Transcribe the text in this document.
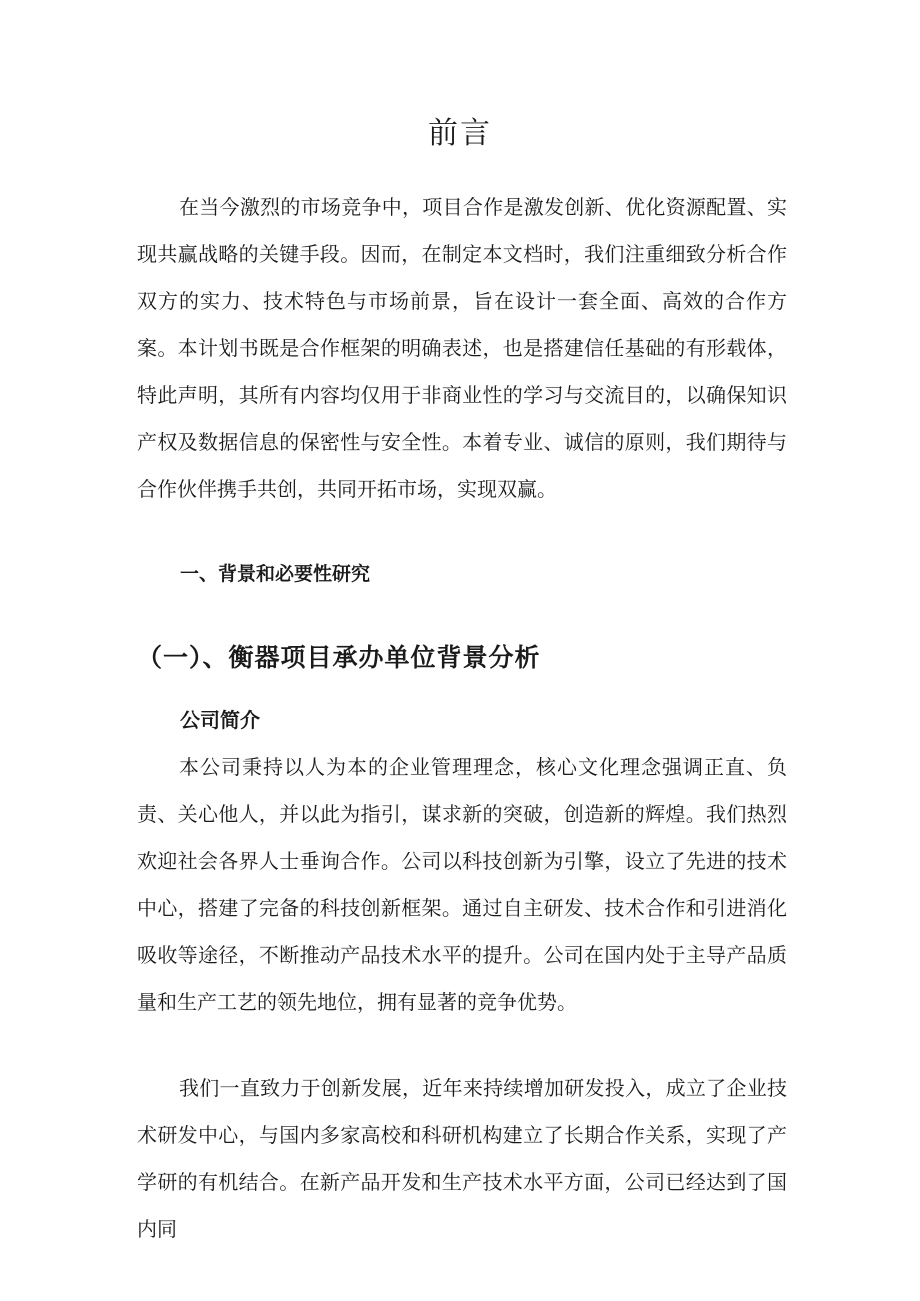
前言

在当今激烈的市场竞争中，项目合作是激发创新、优化资源配置、实现共赢战略的关键手段。因而，在制定本文档时，我们注重细致分析合作双方的实力、技术特色与市场前景，旨在设计一套全面、高效的合作方案。本计划书既是合作框架的明确表述，也是搭建信任基础的有形载体，特此声明，其所有内容均仅用于非商业性的学习与交流目的，以确保知识产权及数据信息的保密性与安全性。本着专业、诚信的原则，我们期待与合作伙伴携手共创，共同开拓市场，实现双赢。

一、背景和必要性研究
（一）、衡器项目承办单位背景分析
公司简介

本公司秉持以人为本的企业管理理念，核心文化理念强调正直、负责、关心他人，并以此为指引，谋求新的突破，创造新的辉煌。我们热烈欢迎社会各界人士垂询合作。公司以科技创新为引擎，设立了先进的技术中心，搭建了完备的科技创新框架。通过自主研发、技术合作和引进消化吸收等途径，不断推动产品技术水平的提升。公司在国内处于主导产品质量和生产工艺的领先地位，拥有显著的竞争优势。

我们一直致力于创新发展，近年来持续增加研发投入，成立了企业技术研发中心，与国内多家高校和科研机构建立了长期合作关系，实现了产学研的有机结合。在新产品开发和生产技术水平方面，公司已经达到了国内同
